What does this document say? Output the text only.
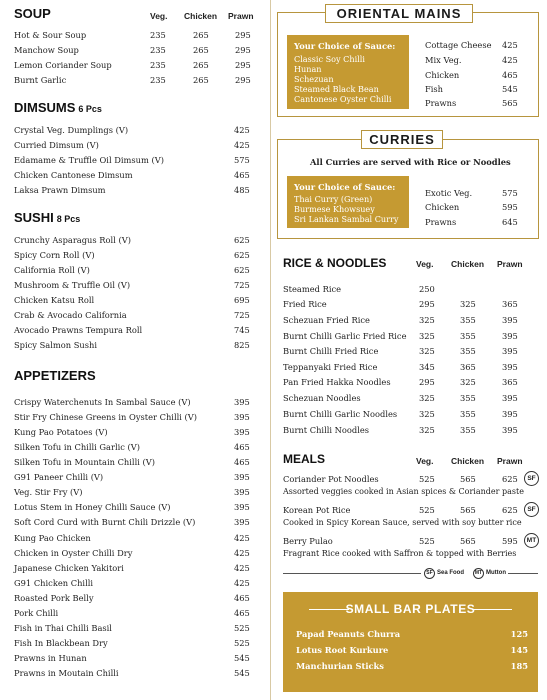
SOUP	Veg. Chicken Prawn
Hot & Sour Soup	235	265	295
Manchow Soup	235	265	295
Lemon Coriander Soup	235	265	295
Burnt Garlic	235	265	295
DIMSUMS 6 Pcs
Crystal Veg. Dumplings (V)	425
Curried Dimsum (V)	425
Edamame & Truffle Oil Dimsum (V)	575
Chicken Cantonese Dimsum	465
Laksa Prawn Dimsum	485
SUSHI 8 Pcs
Crunchy Asparagus Roll (V)	625
Spicy Corn Roll (V)	625
California Roll (V)	625
Mushroom & Truffle Oil (V)	725
Chicken Katsu Roll	695
Crab & Avocado California	725
Avocado Prawns Tempura Roll	745
Spicy Salmon Sushi	825
APPETIZERS
Crispy Waterchenuts In Sambal Sauce (V)	395
Stir Fry Chinese Greens in Oyster Chilli (V)	395
Kung Pao Potatoes (V)	395
Silken Tofu in Chilli Garlic (V)	465
Silken Tofu in Mountain Chilli (V)	465
G91 Paneer Chilli (V)	395
Veg. Stir Fry (V)	395
Lotus Stem in Honey Chilli Sauce (V)	395
Soft Cord Curd with Burnt Chili Drizzle (V)	395
Kung Pao Chicken	425
Chicken in Oyster Chilli Dry	425
Japanese Chicken Yakitori	425
G91 Chicken Chilli	425
Roasted Pork Belly	465
Pork Chilli	465
Fish in Thai Chilli Basil	525
Fish In Blackbean Dry	525
Prawns in Hunan	545
Prawns in Moutain Chilli	545
ORIENTAL MAINS
Your Choice of Sauce:
Classic Soy Chilli
Hunan
Schezuan
Steamed Black Bean
Cantonese Oyster Chilli
Cottage Cheese 425
Mix Veg.	425
Chicken	465
Fish	545
Prawns	565
CURRIES
All Curries are served with Rice or Noodles
Your Choice of Sauce:
Thai Curry (Green)
Burmese Khowsuey
Sri Lankan Sambal Curry
Exotic Veg.	575
Chicken	595
Prawns	645
RICE & NOODLES	Veg. Chicken Prawn
Steamed Rice	250
Fried Rice	295	325	365
Schezuan Fried Rice	325	355	395
Burnt Chilli Garlic Fried Rice 325	355	395
Burnt Chilli Fried Rice	325	355	395
Teppanyaki Fried Rice	345	365	395
Pan Fried Hakka Noodles	295	325	365
Schezuan Noodles	325	355	395
Burnt Chilli Garlic Noodles	325	355	395
Burnt Chilli Noodles	325	355	395
MEALS	Veg. Chicken Prawn
Coriander Pot Noodles	525	565	625	SF
Assorted veggies cooked in Asian spices & Coriander paste
Korean Pot Rice	525	565	625	SF
Cooked in Spicy Korean Sauce, served with soy butter rice
Berry Pulao	525	565	595	MT
Fragrant Rice cooked with Saffron & topped with Berries
SF Sea Food	MT Mutton
SMALL BAR PLATES
Papad Peanuts Churra	125
Lotus Root Kurkure	145
Manchurian Sticks	185
